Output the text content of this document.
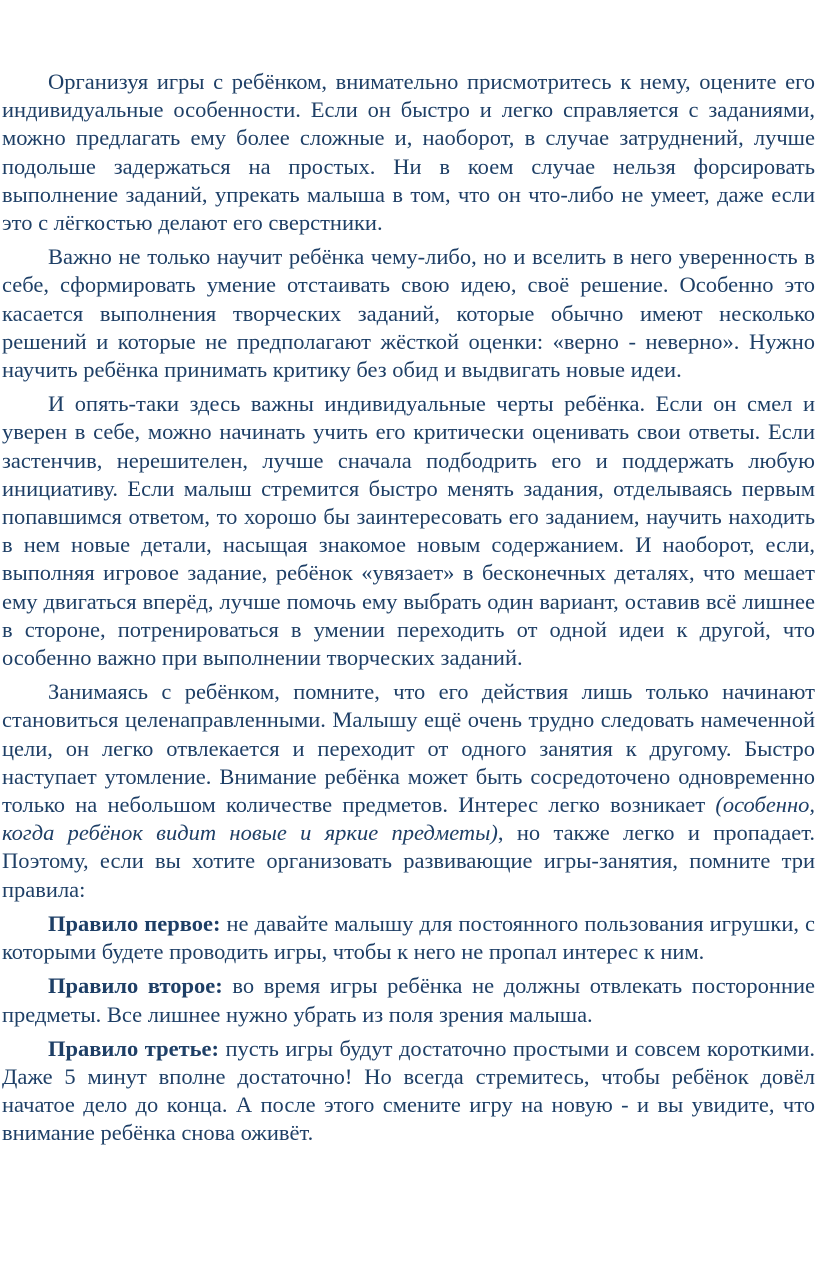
Организуя игры с ребёнком, внимательно присмотритесь к нему, оцените его индивидуальные особенности. Если он быстро и легко справляется с заданиями, можно предлагать ему более сложные и, наоборот, в случае затруднений, лучше подольше задержаться на простых. Ни в коем случае нельзя форсировать выполнение заданий, упрекать малыша в том, что он что-либо не умеет, даже если это с лёгкостью делают его сверстники.

Важно не только научит ребёнка чему-либо, но и вселить в него уверенность в себе, сформировать умение отстаивать свою идею, своё решение. Особенно это касается выполнения творческих заданий, которые обычно имеют несколько решений и которые не предполагают жёсткой оценки: «верно - неверно». Нужно научить ребёнка принимать критику без обид и выдвигать новые идеи.

И опять-таки здесь важны индивидуальные черты ребёнка. Если он смел и уверен в себе, можно начинать учить его критически оценивать свои ответы. Если застенчив, нерешителен, лучше сначала подбодрить его и поддержать любую инициативу. Если малыш стремится быстро менять задания, отделываясь первым попавшимся ответом, то хорошо бы заинтересовать его заданием, научить находить в нем новые детали, насыщая знакомое новым содержанием. И наоборот, если, выполняя игровое задание, ребёнок «увязает» в бесконечных деталях, что мешает ему двигаться вперёд, лучше помочь ему выбрать один вариант, оставив всё лишнее в стороне, потренироваться в умении переходить от одной идеи к другой, что особенно важно при выполнении творческих заданий.

Занимаясь с ребёнком, помните, что его действия лишь только начинают становиться целенаправленными. Малышу ещё очень трудно следовать намеченной цели, он легко отвлекается и переходит от одного занятия к другому. Быстро наступает утомление. Внимание ребёнка может быть сосредоточено одновременно только на небольшом количестве предметов. Интерес легко возникает (особенно, когда ребёнок видит новые и яркие предметы), но также легко и пропадает. Поэтому, если вы хотите организовать развивающие игры-занятия, помните три правила:

Правило первое: не давайте малышу для постоянного пользования игрушки, с которыми будете проводить игры, чтобы к него не пропал интерес к ним.

Правило второе: во время игры ребёнка не должны отвлекать посторонние предметы. Все лишнее нужно убрать из поля зрения малыша.

Правило третье: пусть игры будут достаточно простыми и совсем короткими. Даже 5 минут вполне достаточно! Но всегда стремитесь, чтобы ребёнок довёл начатое дело до конца. А после этого смените игру на новую - и вы увидите, что внимание ребёнка снова оживёт.
